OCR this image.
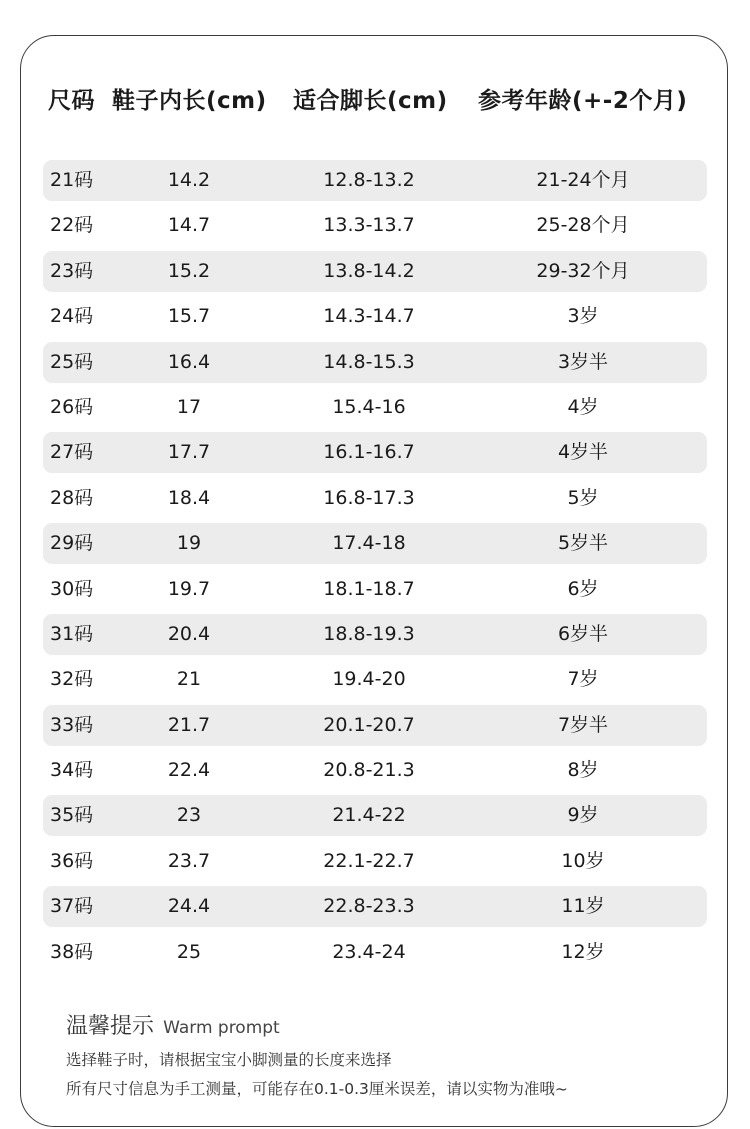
尺码 鞋子内长(cm) 适合脚长(cm) 参考年龄(+-2个月)
21码	14.2	12.8-13.2	21-24个月
22码	14.7	13.3-13.7	25-28个月
23码	15.2	13.8-14.2	29-32个月
24码	15.7	14.3-14.7	3岁
25码	16.4	14.8-15.3	3岁半
26码	17	15.4-16	4岁
27码	17.7	16.1-16.7	4岁半
28码	18.4	16.8-17.3	5岁
29码	19	17.4-18	5岁半
30码	19.7	18.1-18.7	6岁
31码	20.4	18.8-19.3	6岁半
32码	21	19.4-20	7岁
33码	21.7	20.1-20.7	7岁半
34码	22.4	20.8-21.3	8岁
35码	23	21.4-22	9岁
36码	23.7	22.1-22.7	10岁
37码	24.4	22.8-23.3	11岁
38码	25	23.4-24	12岁
温馨提示 Warm prompt
选择鞋子时，请根据宝宝小脚测量的长度来选择
所有尺寸信息为手工测量，可能存在0.1-0.3厘米误差，请以实物为准哦~
